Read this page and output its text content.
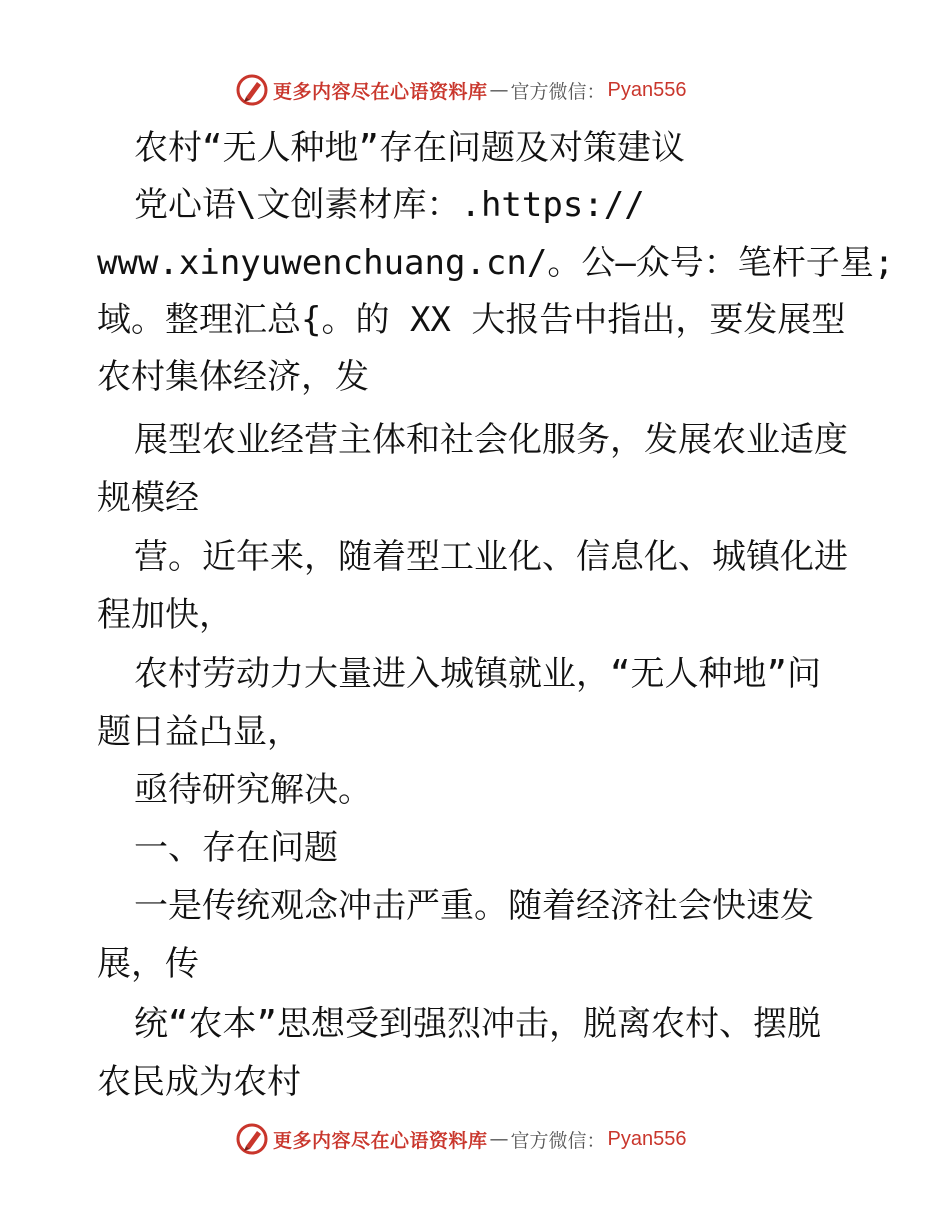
更多内容尽在心语资料库 — 官方微信： Pyan556
农村“无人种地”存在问题及对策建议
党心语\文创素材库：.https://
www.xinyuwenchuang.cn/。公—众号：笔杆子星;
域。整理汇总{。的 XX 大报告中指出，要发展型
农村集体经济，发
展型农业经营主体和社会化服务，发展农业适度
规模经
营。近年来，随着型工业化、信息化、城镇化进
程加快，
农村劳动力大量进入城镇就业，“无人种地”问
题日益凸显，
亟待研究解决。
一、存在问题
一是传统观念冲击严重。随着经济社会快速发
展，传
统“农本”思想受到强烈冲击，脱离农村、摆脱
农民成为农村
更多内容尽在心语资料库 — 官方微信： Pyan556
